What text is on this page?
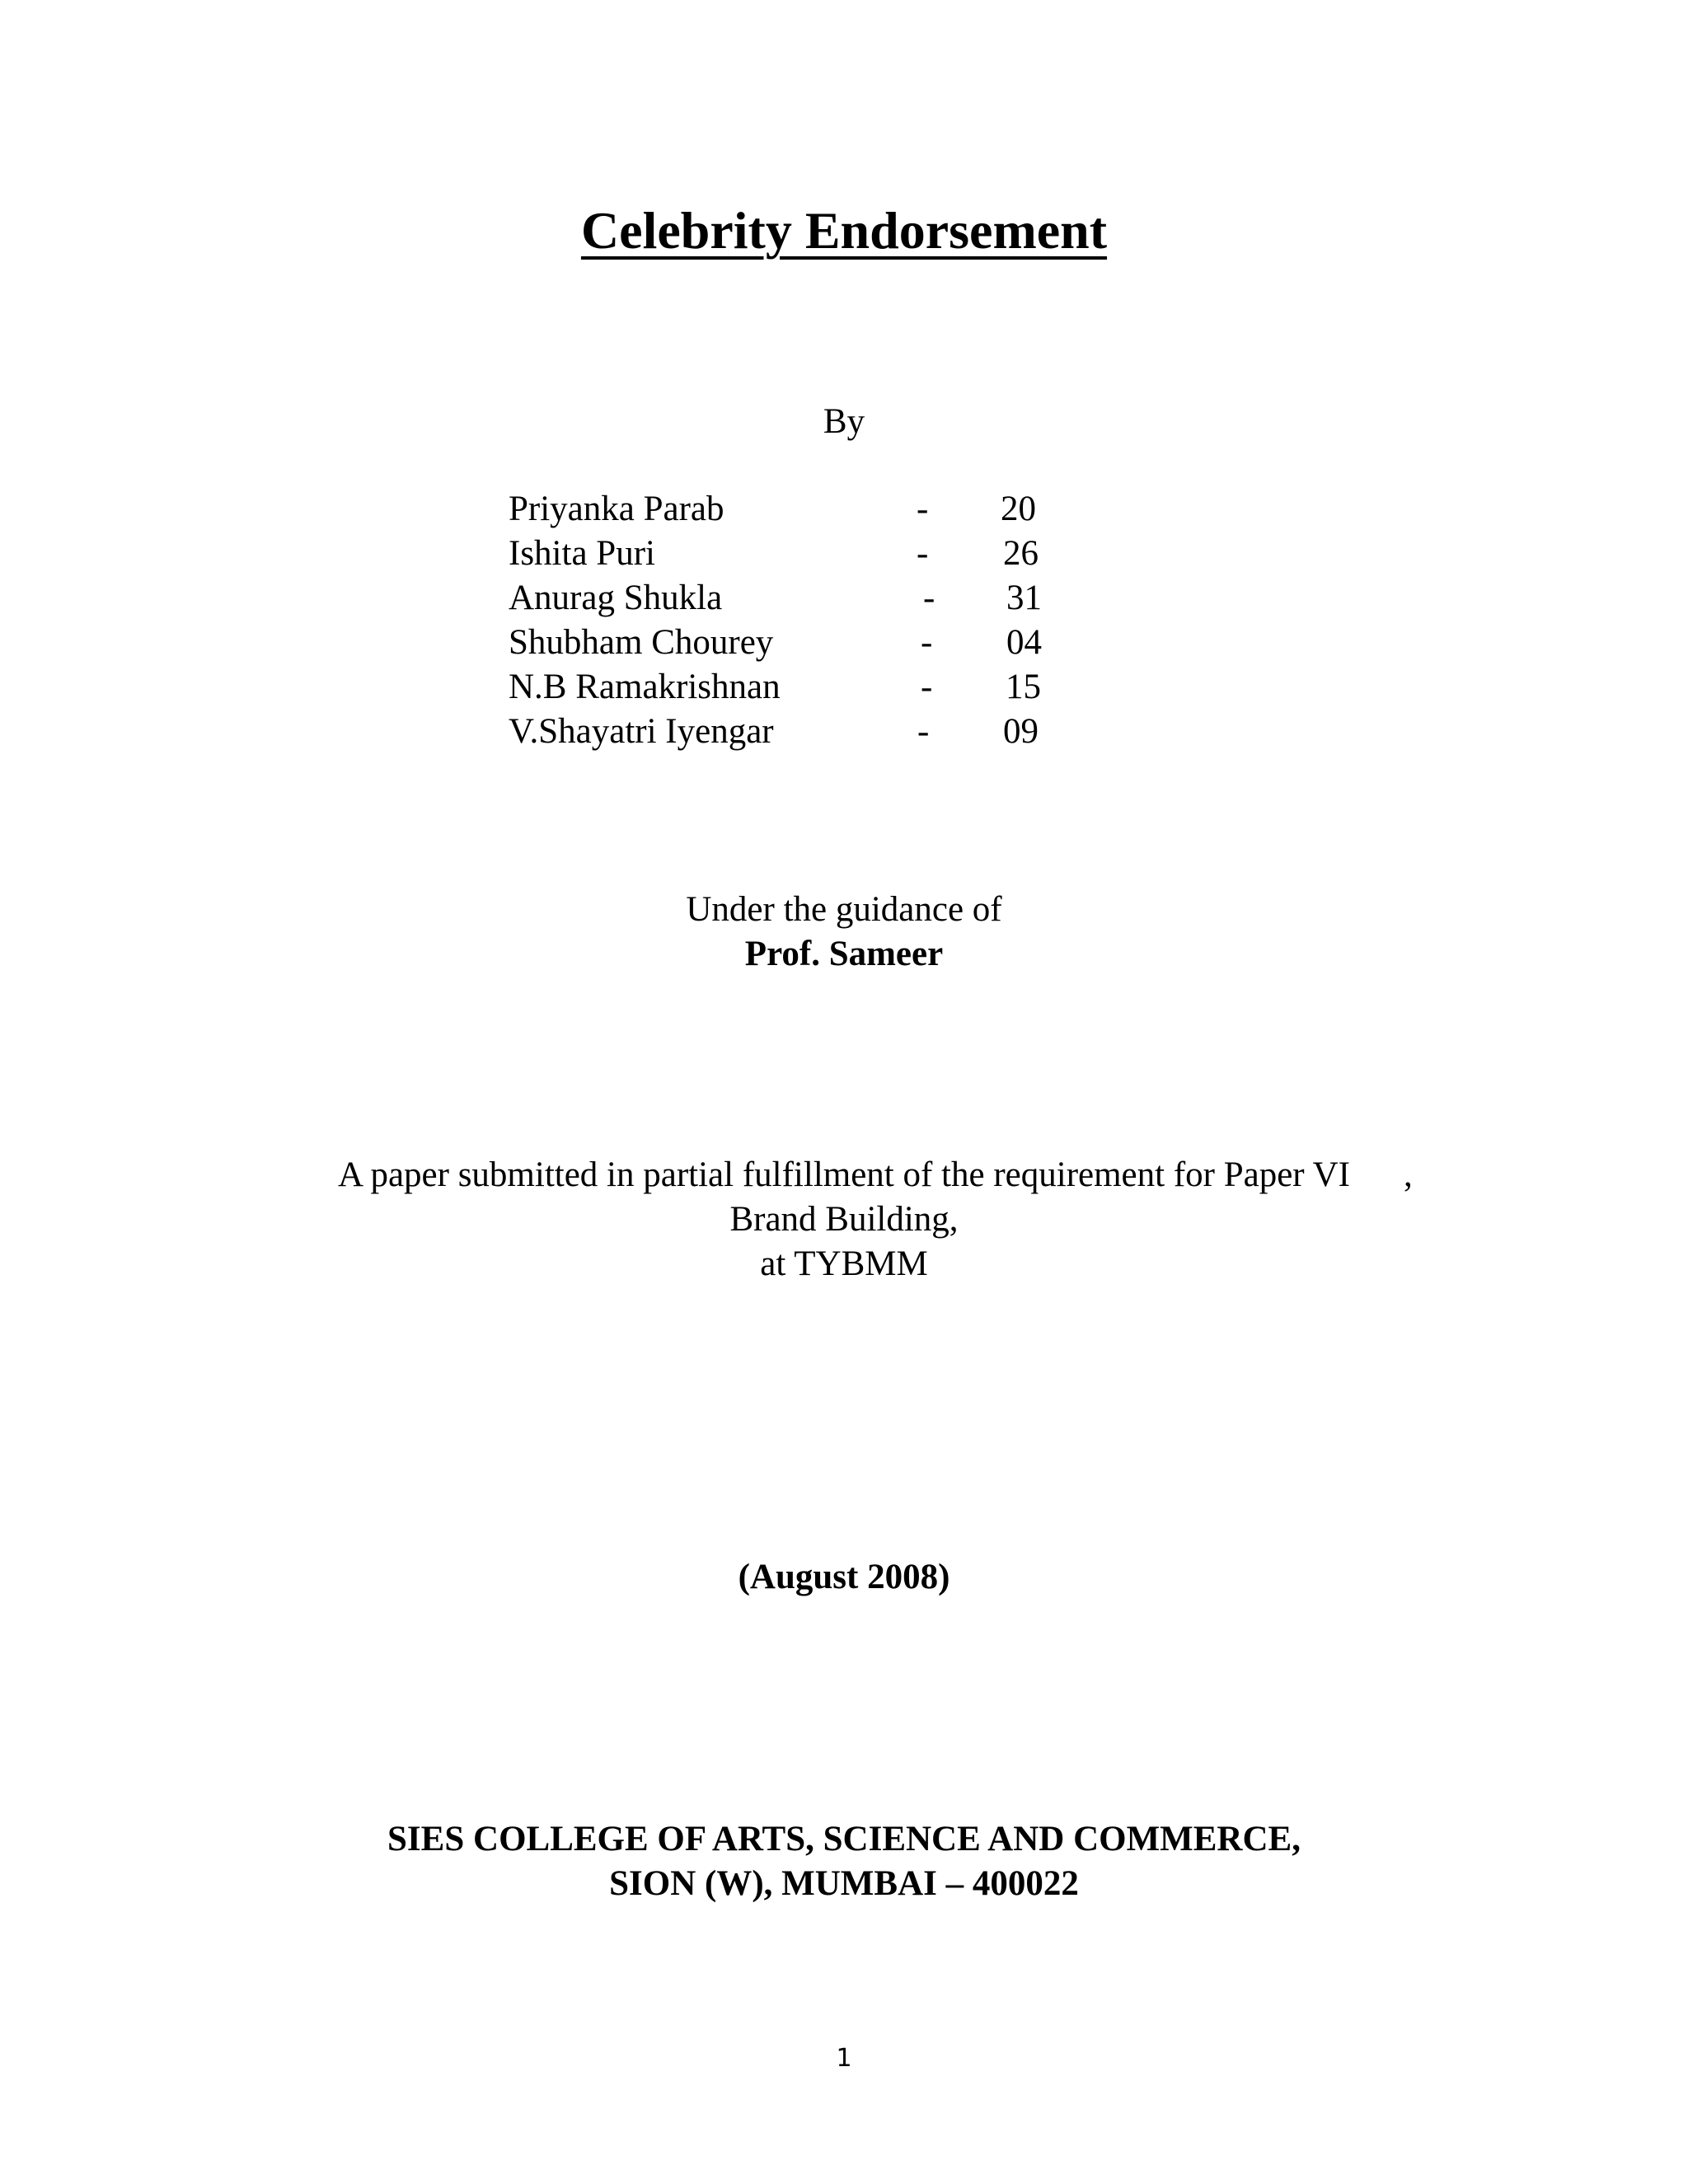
Celebrity Endorsement
By
Priyanka Parab	- 20
Ishita Puri	- 26
Anurag Shukla	- 31
Shubham Chourey	- 04
N.B Ramakrishnan	- 15
V.Shayatri Iyengar	- 09
Under the guidance of
Prof. Sameer
A paper submitted in partial fulfillment of the requirement for Paper VI	,
Brand Building,
at TYBMM
(August 2008)
SIES COLLEGE OF ARTS, SCIENCE AND COMMERCE,
SION (W), MUMBAI – 400022
1
